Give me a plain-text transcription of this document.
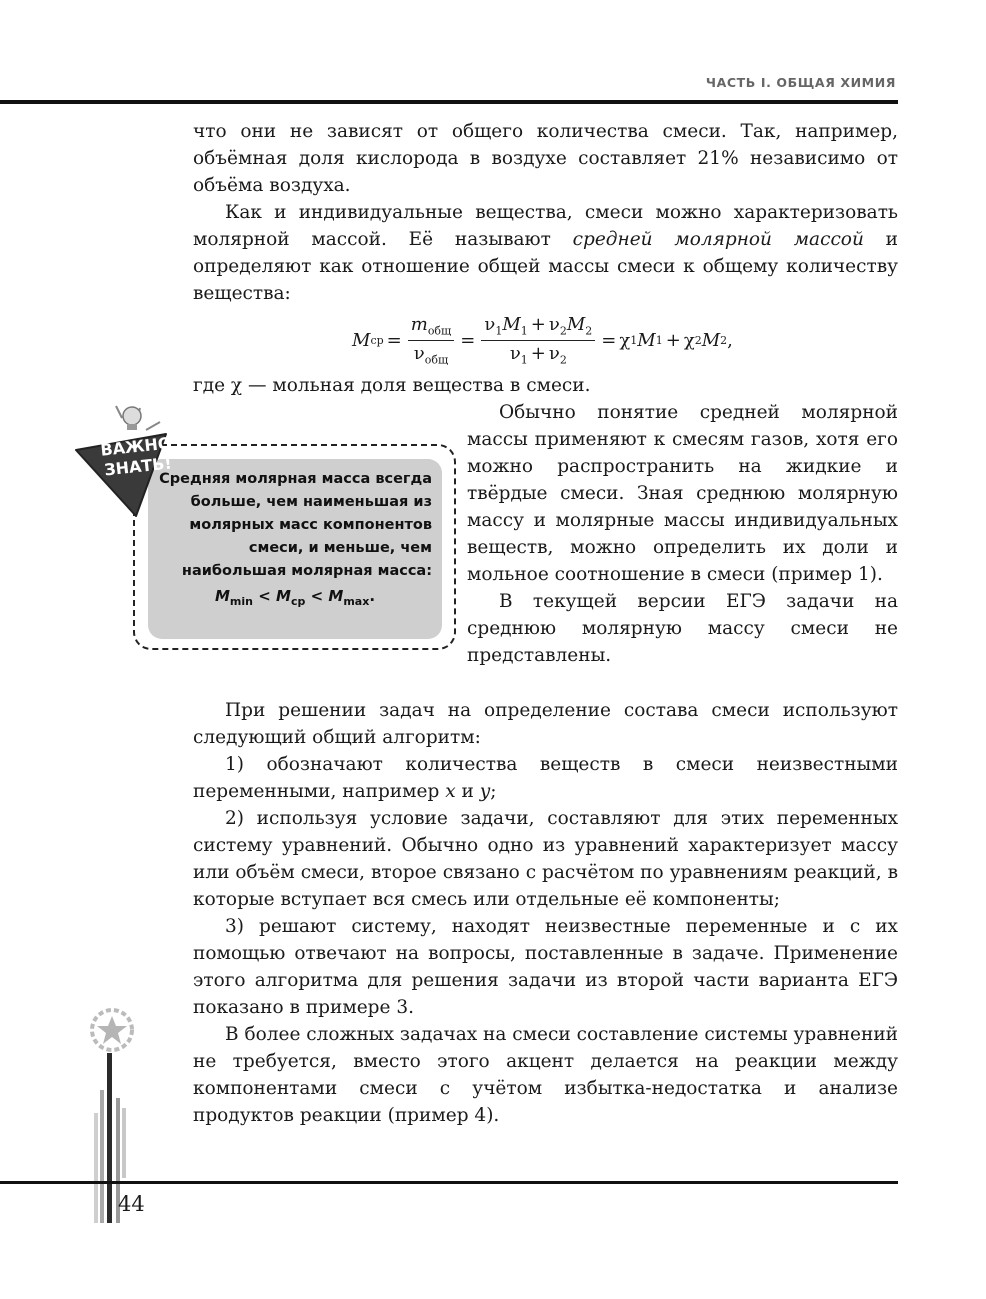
ЧАСТЬ I. ОБЩАЯ ХИМИЯ

что они не зависят от общего количества смеси. Так, например, объёмная доля кислорода в воздухе составляет 21% независимо от объёма воздуха.

Как и индивидуальные вещества, смеси можно характеризовать молярной массой. Её называют средней молярной массой и определяют как отношение общей массы смеси к общему количеству вещества:

M ср = $\frac{m_{общ}}{\nu_{общ}} = \frac{\nu_1M_1 + \nu_2M_2}{\nu_1 + \nu_2} = \chi$ 1 M 1 + χ 2 M 2 ,

где χ — мольная доля вещества в смеси.

Обычно понятие средней молярной массы применяют к смесям газов, хотя его можно распространить на жидкие и твёрдые смеси. Зная среднюю молярную массу и молярные массы индивидуальных веществ, можно определить их доли и мольное соотношение в смеси (пример 1).

В текущей версии ЕГЭ задачи на среднюю молярную массу смеси не представлены.

Средняя молярная масса всегда больше, чем наименьшая из молярных масс компонентов смеси, и меньше, чем наибольшая молярная масса:
$M_{min} < M_{ср} < M_{max}$.
ВАЖНО
ЗНАТЬ!

При решении задач на определение состава смеси используют следующий общий алгоритм:

1) обозначают количества веществ в смеси неизвестными переменными, например x и y;

2) используя условие задачи, составляют для этих переменных систему уравнений. Обычно одно из уравнений характеризует массу или объём смеси, второе связано с расчётом по уравнениям реакций, в которые вступает вся смесь или отдельные её компоненты;

3) решают систему, находят неизвестные переменные и с их помощью отвечают на вопросы, поставленные в задаче. Применение этого алгоритма для решения задачи из второй части варианта ЕГЭ показано в примере 3.

В более сложных задачах на смеси составление системы уравнений не требуется, вместо этого акцент делается на реакции между компонентами смеси с учётом избытка-недостатка и анализе продуктов реакции (пример 4).

44
